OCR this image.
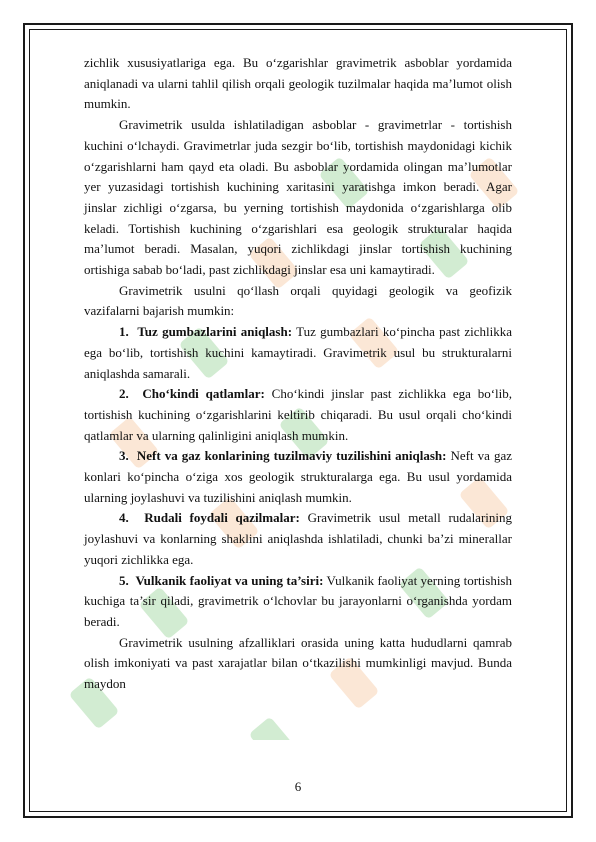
zichlik xususiyatlariga ega. Bu o‘zgarishlar gravimetrik asboblar yordamida aniqlanadi va ularni tahlil qilish orqali geologik tuzilmalar haqida ma’lumot olish mumkin.

Gravimetrik usulda ishlatiladigan asboblar - gravimetrlar - tortishish kuchini o‘lchaydi. Gravimetrlar juda sezgir bo‘lib, tortishish maydonidagi kichik o‘zgarishlarni ham qayd eta oladi. Bu asboblar yordamida olingan ma’lumotlar yer yuzasidagi tortishish kuchining xaritasini yaratishga imkon beradi. Agar jinslar zichligi o‘zgarsa, bu yerning tortishish maydonida o‘zgarishlarga olib keladi. Tortishish kuchining o‘zgarishlari esa geologik strukturalar haqida ma’lumot beradi. Masalan, yuqori zichlikdagi jinslar tortishish kuchining ortishiga sabab bo‘ladi, past zichlikdagi jinslar esa uni kamaytiradi.

Gravimetrik usulni qo‘llash orqali quyidagi geologik va geofizik vazifalarni bajarish mumkin:

1. Tuz gumbazlarini aniqlash: Tuz gumbazlari ko‘pincha past zichlikka ega bo‘lib, tortishish kuchini kamaytiradi. Gravimetrik usul bu strukturalarni aniqlashda samarali.

2. Cho‘kindi qatlamlar: Cho‘kindi jinslar past zichlikka ega bo‘lib, tortishish kuchining o‘zgarishlarini keltirib chiqaradi. Bu usul orqali cho‘kindi qatlamlar va ularning qalinligini aniqlash mumkin.

3. Neft va gaz konlarining tuzilmaviy tuzilishini aniqlash: Neft va gaz konlari ko‘pincha o‘ziga xos geologik strukturalarga ega. Bu usul yordamida ularning joylashuvi va tuzilishini aniqlash mumkin.

4. Rudali foydali qazilmalar: Gravimetrik usul metall rudalarining joylashuvi va konlarning shaklini aniqlashda ishlatiladi, chunki ba’zi minerallar yuqori zichlikka ega.

5. Vulkanik faoliyat va uning ta’siri: Vulkanik faoliyat yerning tortishish kuchiga ta’sir qiladi, gravimetrik o‘lchovlar bu jarayonlarni o‘rganishda yordam beradi.

Gravimetrik usulning afzalliklari orasida uning katta hududlarni qamrab olish imkoniyati va past xarajatlar bilan o‘tkazilishi mumkinligi mavjud. Bunda maydon

6
